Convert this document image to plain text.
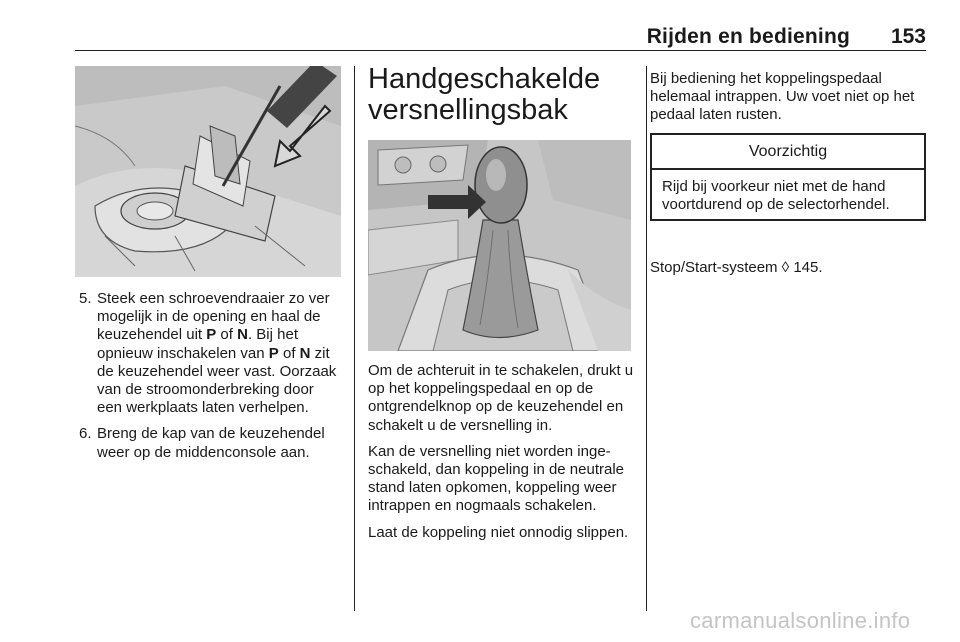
Rijden en bediening	153
5. Steek een schroevendraaier zo ver mogelijk in de opening en haal de keuzehendel uit P of N. Bij het opnieuw inschakelen van P of N zit de keuzehendel weer vast. Oorzaak van de stroomonderbreking door een werkplaats laten verhelpen.
6. Breng de kap van de keuzehendel weer op de middenconsole aan.
Handgeschakelde
versnellingsbak

Om de achteruit in te schakelen, drukt u op het koppelingspedaal en op de ontgrendelknop op de keuzehendel en schakelt u de versnelling in.

Kan de versnelling niet worden ingeschakeld, dan koppeling in de neutrale stand laten opkomen, koppeling weer intrappen en nogmaals schakelen.

Laat de koppeling niet onnodig slippen.

Bij bediening het koppelingspedaal helemaal intrappen. Uw voet niet op het pedaal laten rusten.

Voorzichtig
Rijd bij voorkeur niet met de hand voortdurend op de selectorhendel.
Stop/Start-systeem ◊ 145.
carmanualsonline.info
